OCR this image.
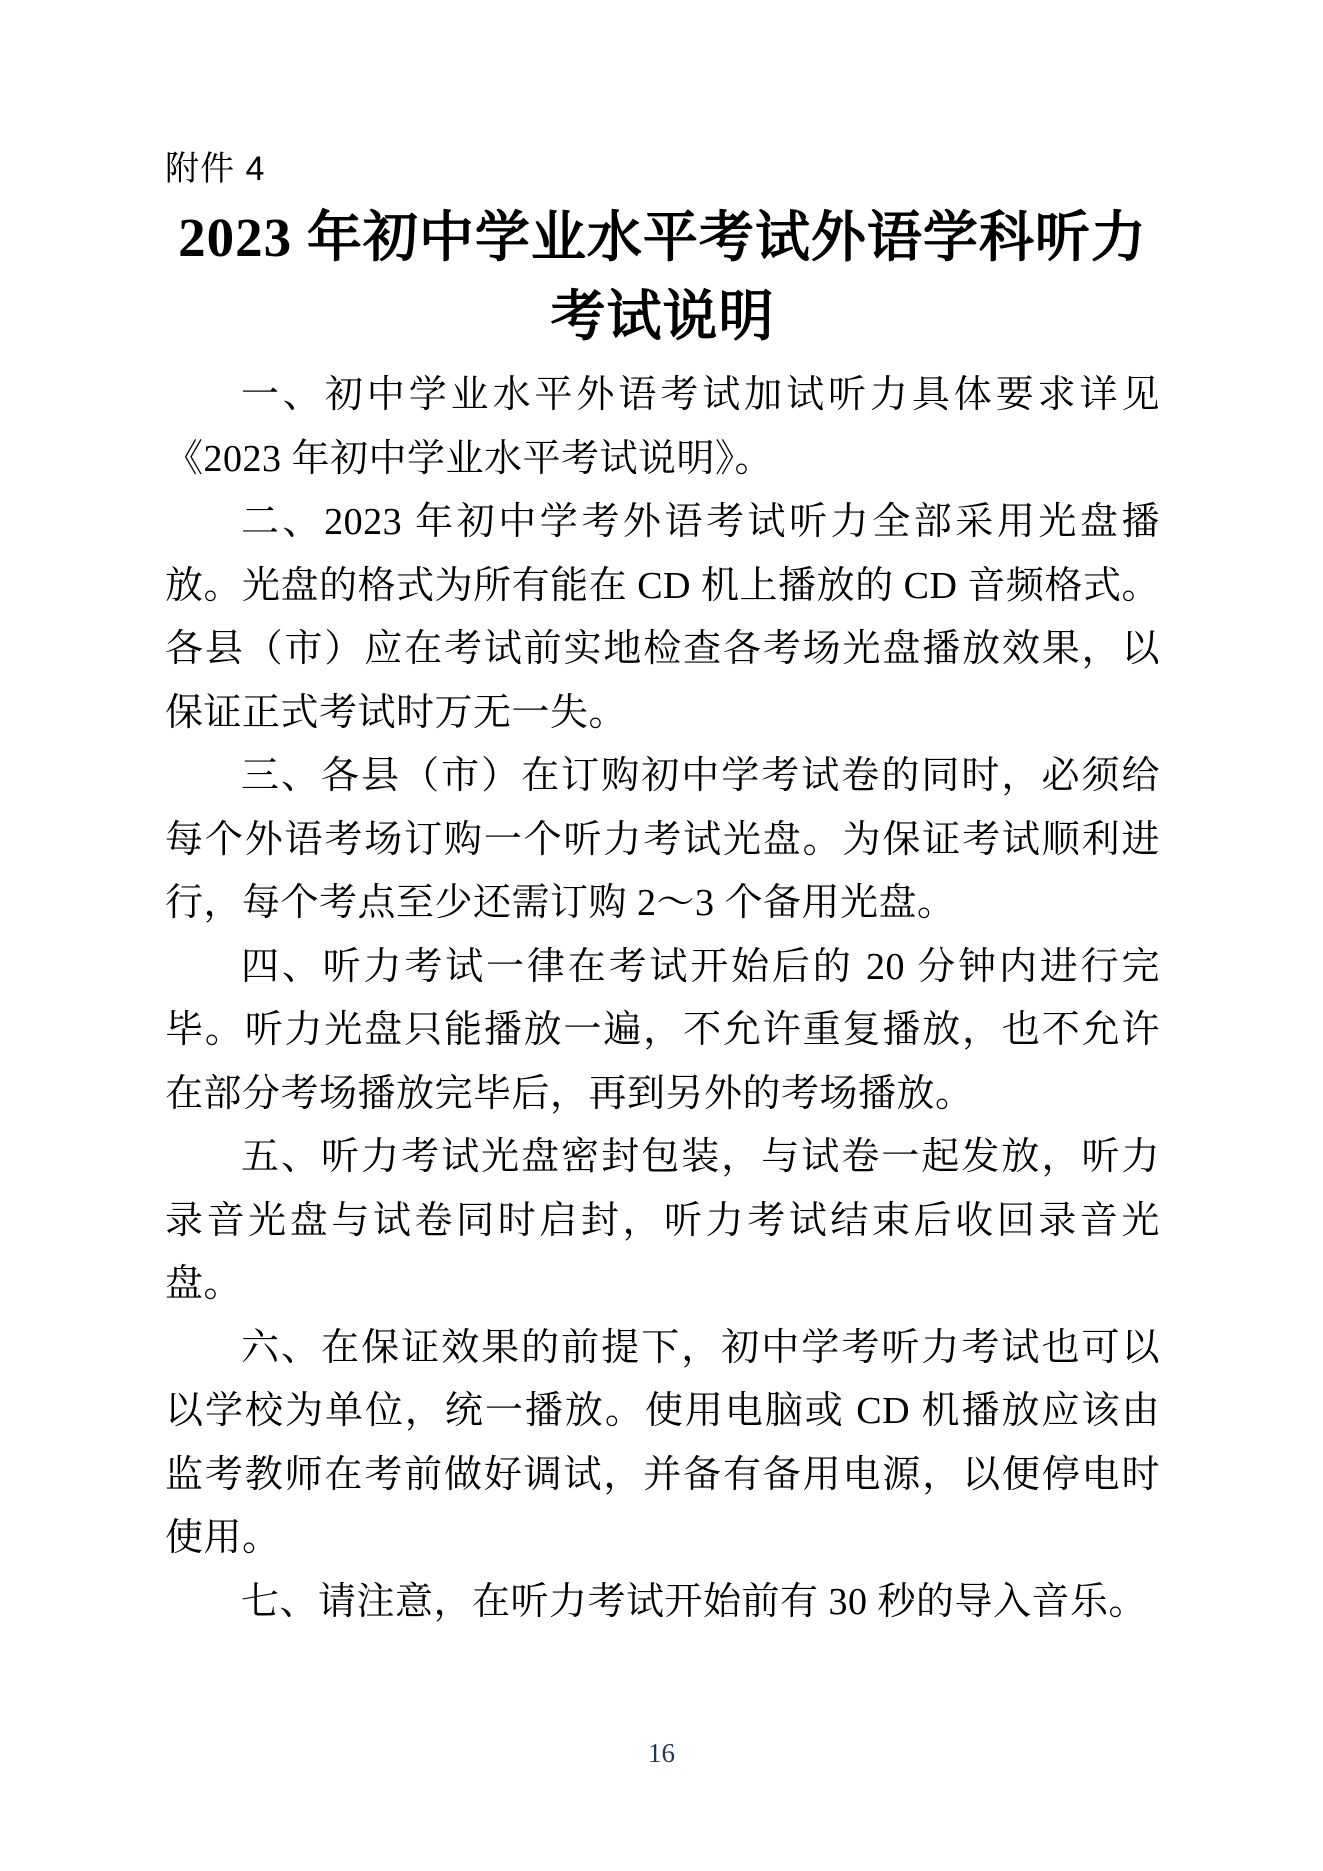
附件 4
2023 年初中学业水平考试外语学科听力
考试说明

一、初中学业水平外语考试加试听力具体要求详见《2023 年初中学业水平考试说明》。

二、2023 年初中学考外语考试听力全部采用光盘播放。光盘的格式为所有能在 CD 机上播放的 CD 音频格式。各县（市）应在考试前实地检查各考场光盘播放效果，以保证正式考试时万无一失。

三、各县（市）在订购初中学考试卷的同时，必须给每个外语考场订购一个听力考试光盘。为保证考试顺利进行，每个考点至少还需订购 2～3 个备用光盘。

四、听力考试一律在考试开始后的 20 分钟内进行完毕。听力光盘只能播放一遍，不允许重复播放，也不允许在部分考场播放完毕后，再到另外的考场播放。

五、听力考试光盘密封包装，与试卷一起发放，听力录音光盘与试卷同时启封，听力考试结束后收回录音光盘。

六、在保证效果的前提下，初中学考听力考试也可以以学校为单位，统一播放。使用电脑或 CD 机播放应该由监考教师在考前做好调试，并备有备用电源，以便停电时使用。

七、请注意，在听力考试开始前有 30 秒的导入音乐。

16
